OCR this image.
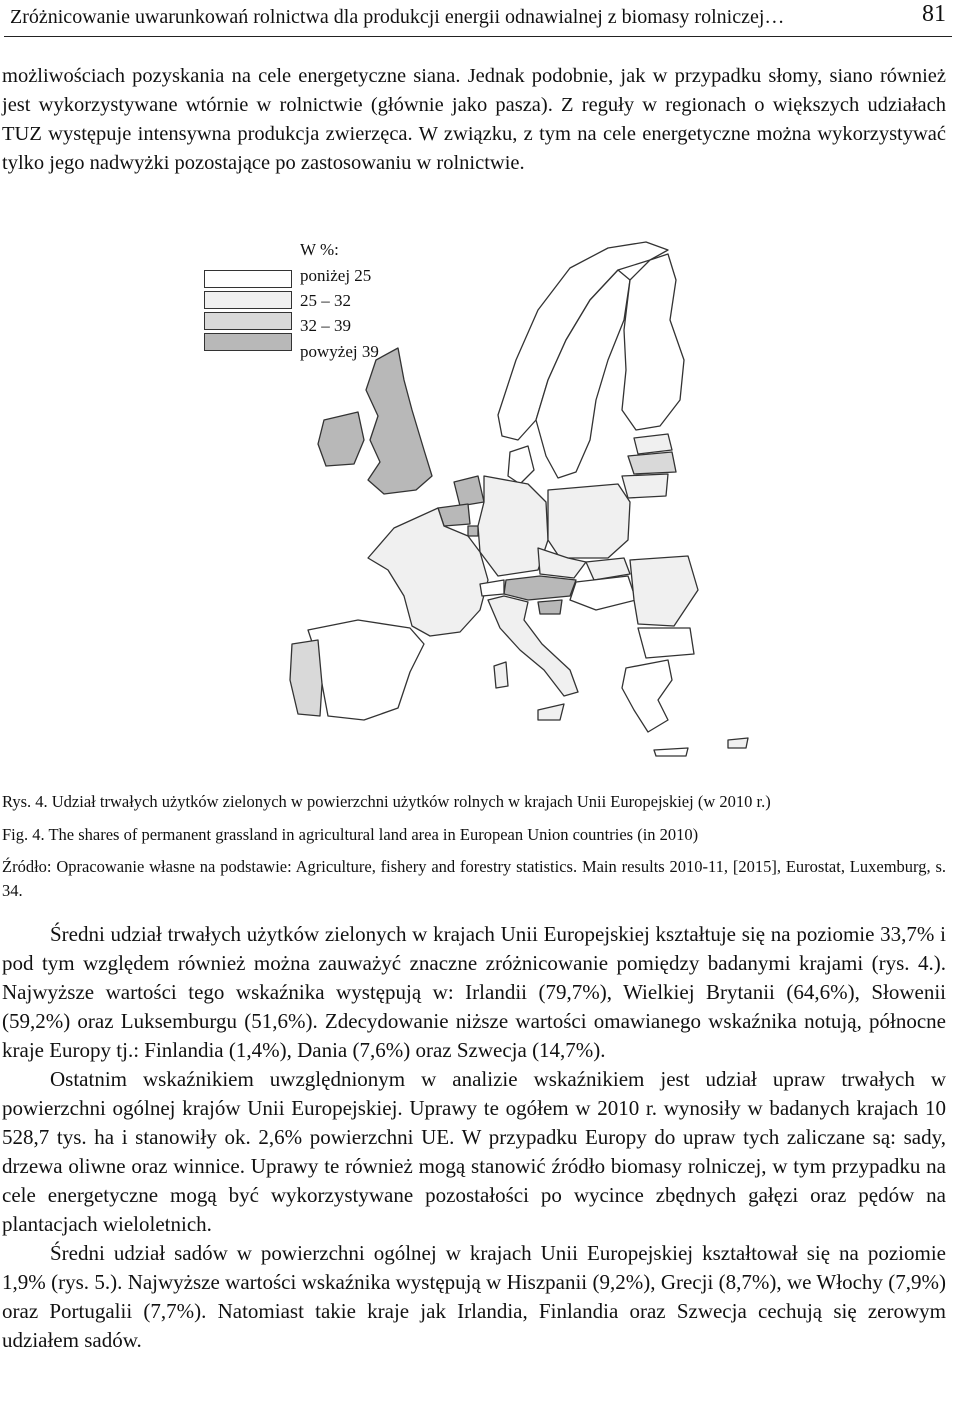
Zróżnicowanie uwarunkowań rolnictwa dla produkcji energii odnawialnej z biomasy rolniczej…	81
możliwościach pozyskania na cele energetyczne siana. Jednak podobnie, jak w przypadku słomy, siano również jest wykorzystywane wtórnie w rolnictwie (głównie jako pasza). Z reguły w regionach o większych udziałach TUZ występuje intensywna produkcja zwierzęca. W związku, z tym na cele energetyczne można wykorzystywać tylko jego nadwyżki pozostające po zastosowaniu w rolnictwie.
W %:
poniżej 25
25 – 32
32 – 39
powyżej 39
Rys. 4. Udział trwałych użytków zielonych w powierzchni użytków rolnych w krajach Unii Europejskiej (w 2010 r.)
Fig. 4. The shares of permanent grassland in agricultural land area in European Union countries (in 2010)
Źródło: Opracowanie własne na podstawie: Agriculture, fishery and forestry statistics. Main results 2010-11, [2015], Eurostat, Luxemburg, s. 34.

Średni udział trwałych użytków zielonych w krajach Unii Europejskiej kształtuje się na poziomie 33,7% i pod tym względem również można zauważyć znaczne zróżnicowanie pomiędzy badanymi krajami (rys. 4.). Najwyższe wartości tego wskaźnika występują w: Irlandii (79,7%), Wielkiej Brytanii (64,6%), Słowenii (59,2%) oraz Luksemburgu (51,6%). Zdecydowanie niższe wartości omawianego wskaźnika notują, północne kraje Europy tj.: Finlandia (1,4%), Dania (7,6%) oraz Szwecja (14,7%).

Ostatnim wskaźnikiem uwzględnionym w analizie wskaźnikiem jest udział upraw trwałych w powierzchni ogólnej krajów Unii Europejskiej. Uprawy te ogółem w 2010 r. wynosiły w badanych krajach 10 528,7 tys. ha i stanowiły ok. 2,6% powierzchni UE. W przypadku Europy do upraw tych zaliczane są: sady, drzewa oliwne oraz winnice. Uprawy te również mogą stanowić źródło biomasy rolniczej, w tym przypadku na cele energetyczne mogą być wykorzystywane pozostałości po wycince zbędnych gałęzi oraz pędów na plantacjach wieloletnich.

Średni udział sadów w powierzchni ogólnej w krajach Unii Europejskiej kształtował się na poziomie 1,9% (rys. 5.). Najwyższe wartości wskaźnika występują w Hiszpanii (9,2%), Grecji (8,7%), we Włochy (7,9%) oraz Portugalii (7,7%). Natomiast takie kraje jak Irlandia, Finlandia oraz Szwecja cechują się zerowym udziałem sadów.
